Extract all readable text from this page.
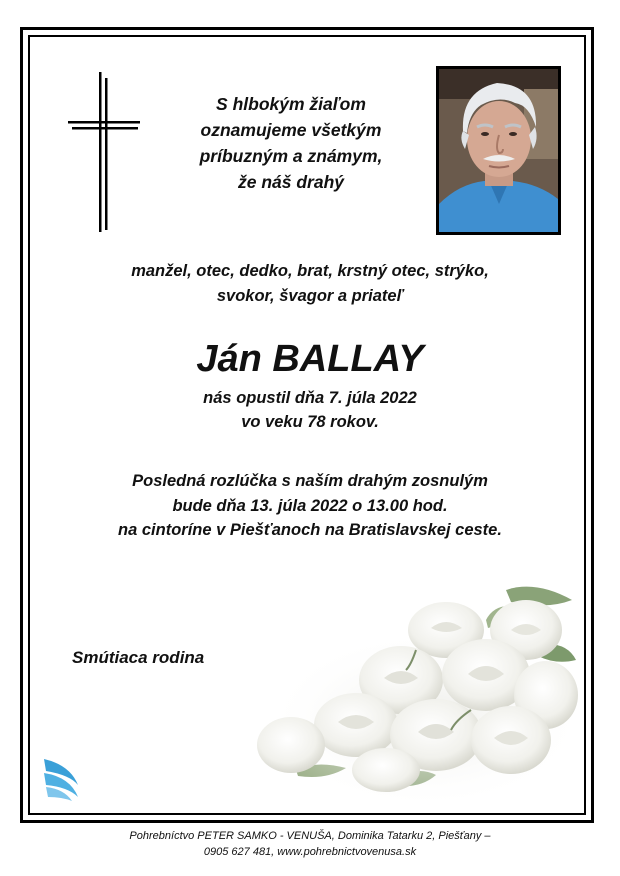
S hlbokým žiaľom
oznamujeme všetkým
príbuzným a známym,
že náš drahý
manžel, otec, dedko, brat, krstný otec, strýko,
svokor, švagor a priateľ
Ján BALLAY
nás opustil dňa 7. júla 2022
vo veku 78 rokov.
Posledná rozlúčka s naším drahým zosnulým
bude dňa 13. júla 2022 o 13.00 hod.
na cintoríne v Piešťanoch na Bratislavskej ceste.
Smútiaca rodina
Pohrebníctvo PETER SAMKO - VENUŠA, Dominika Tatarku 2, Piešťany –
0905 627 481, www.pohrebnictvovenusa.sk
